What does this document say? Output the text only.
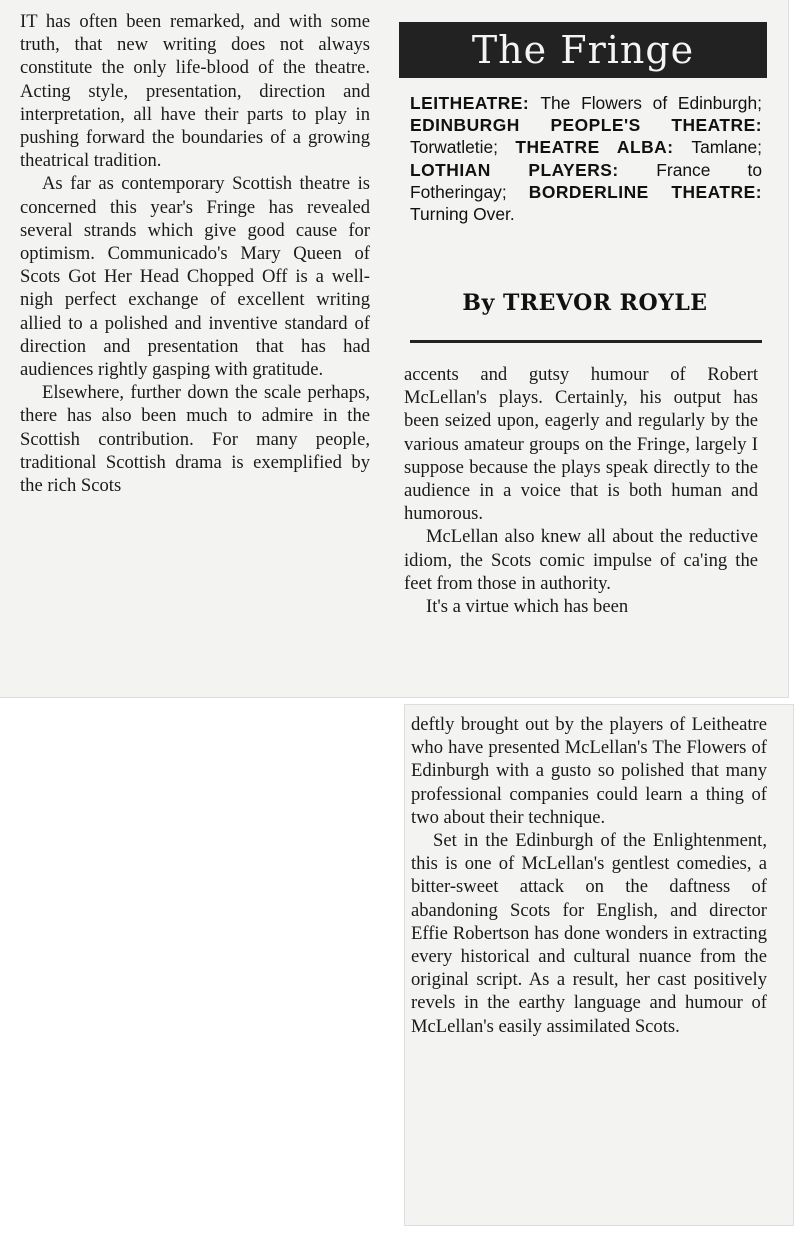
IT has often been remarked, and with some truth, that new writing does not always constitute the only life-blood of the theatre. Acting style, presentation, direction and interpretation, all have their parts to play in pushing forward the boundaries of a growing theatrical tradition.

As far as contemporary Scottish theatre is concerned this year's Fringe has revealed several strands which give good cause for optimism. Communicado's Mary Queen of Scots Got Her Head Chopped Off is a well-nigh perfect exchange of excellent writing allied to a polished and inventive standard of direction and presentation that has had audiences rightly gasping with gratitude.

Elsewhere, further down the scale perhaps, there has also been much to admire in the Scottish contribution. For many people, traditional Scottish drama is exemplified by the rich Scots

The Fringe
LEITHEATRE: The Flowers of Edinburgh; EDINBURGH PEOPLE'S THEATRE: Torwatletie; THEATRE ALBA: Tamlane; LOTHIAN PLAYERS: France to Fotheringay; BORDERLINE THEATRE: Turning Over.
By TREVOR ROYLE

accents and gutsy humour of Robert McLellan's plays. Certainly, his output has been seized upon, eagerly and regularly by the various amateur groups on the Fringe, largely I suppose because the plays speak directly to the audience in a voice that is both human and humorous.

McLellan also knew all about the reductive idiom, the Scots comic impulse of ca'ing the feet from those in authority.

It's a virtue which has been

deftly brought out by the players of Leitheatre who have presented McLellan's The Flowers of Edinburgh with a gusto so polished that many professional companies could learn a thing of two about their technique.

Set in the Edinburgh of the Enlightenment, this is one of McLellan's gentlest comedies, a bitter-sweet attack on the daftness of abandoning Scots for English, and director Effie Robertson has done wonders in extracting every historical and cultural nuance from the original script. As a result, her cast positively revels in the earthy language and humour of McLellan's easily assimilated Scots.
